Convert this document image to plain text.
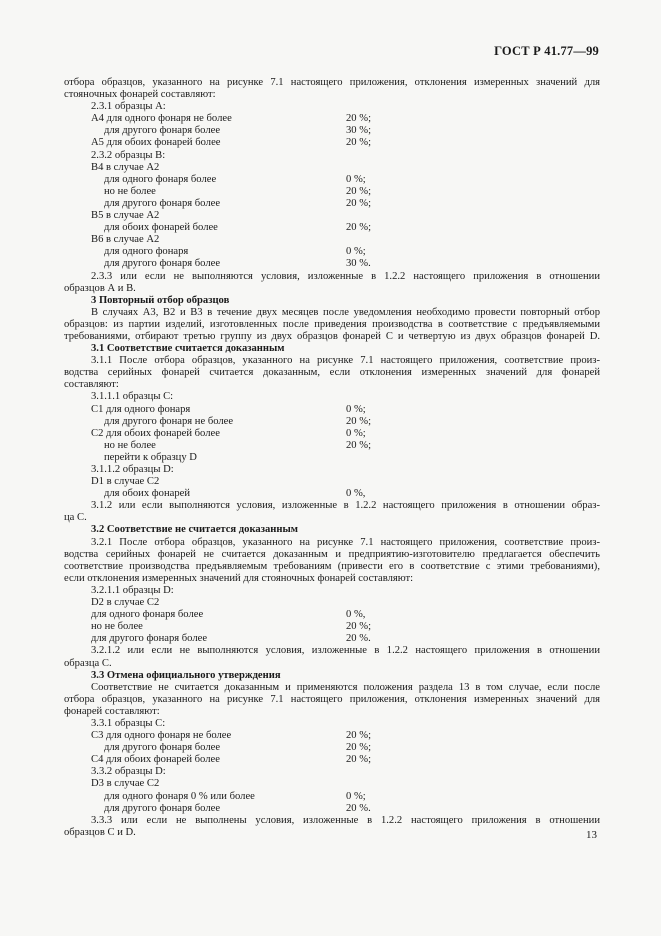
ГОСТ Р 41.77—99
отбора образцов, указанного на рисунке 7.1 настоящего приложения, отклонения измеренных значений для
стояночных фонарей составляют:
2.3.1 образцы А:
А4 для одного фонаря не более	20 %;
для другого фонаря более	30 %;
А5 для обоих фонарей более	20 %;
2.3.2 образцы В:
В4 в случае А2
для одного фонаря более	0 %;
но не более	20 %;
для другого фонаря более	20 %;
В5 в случае А2
для обоих фонарей более	20 %;
В6 в случае А2
для одного фонаря	0 %;
для другого фонаря более	30 %.
2.3.3 или если не выполняются условия, изложенные в 1.2.2 настоящего приложения в отношении
образцов А и В.
3 Повторный отбор образцов
В случаях А3, В2 и В3 в течение двух месяцев после уведомления необходимо провести повторный отбор
образцов: из партии изделий, изготовленных после приведения производства в соответствие с предъявляемыми
требованиями, отбирают третью группу из двух образцов фонарей С и четвертую из двух образцов фонарей D.
3.1 Соответствие считается доказанным
3.1.1 После отбора образцов, указанного на рисунке 7.1 настоящего приложения, соответствие произ-
водства серийных фонарей считается доказанным, если отклонения измеренных значений для фонарей
составляют:
3.1.1.1 образцы С:
С1 для одного фонаря	0 %;
для другого фонаря не более	20 %;
С2 для обоих фонарей более	0 %;
но не более	20 %;
перейти к образцу D
3.1.1.2 образцы D:
D1 в случае С2
для обоих фонарей	0 %,
3.1.2 или если выполняются условия, изложенные в 1.2.2 настоящего приложения в отношении образ-
ца С.
3.2 Соответствие не считается доказанным
3.2.1 После отбора образцов, указанного на рисунке 7.1 настоящего приложения, соответствие произ-
водства серийных фонарей не считается доказанным и предприятию-изготовителю предлагается обеспечить
соответствие производства предъявляемым требованиям (привести его в соответствие с этими требованиями),
если отклонения измеренных значений для стояночных фонарей составляют:
3.2.1.1 образцы D:
D2 в случае С2
для одного фонаря более	0 %,
но не более	20 %;
для другого фонаря более	20 %.
3.2.1.2 или если не выполняются условия, изложенные в 1.2.2 настоящего приложения в отношении
образца С.
3.3 Отмена официального утверждения
Соответствие не считается доказанным и применяются положения раздела 13 в том случае, если после
отбора образцов, указанного на рисунке 7.1 настоящего приложения, отклонения измеренных значений для
фонарей составляют:
3.3.1 образцы С:
С3 для одного фонаря не более	20 %;
для другого фонаря более	20 %;
С4 для обоих фонарей более	20 %;
3.3.2 образцы D:
D3 в случае С2
для одного фонаря 0 % или более	0 %;
для другого фонаря более	20 %.
3.3.3 или если не выполнены условия, изложенные в 1.2.2 настоящего приложения в отношении
образцов С и D.	13
